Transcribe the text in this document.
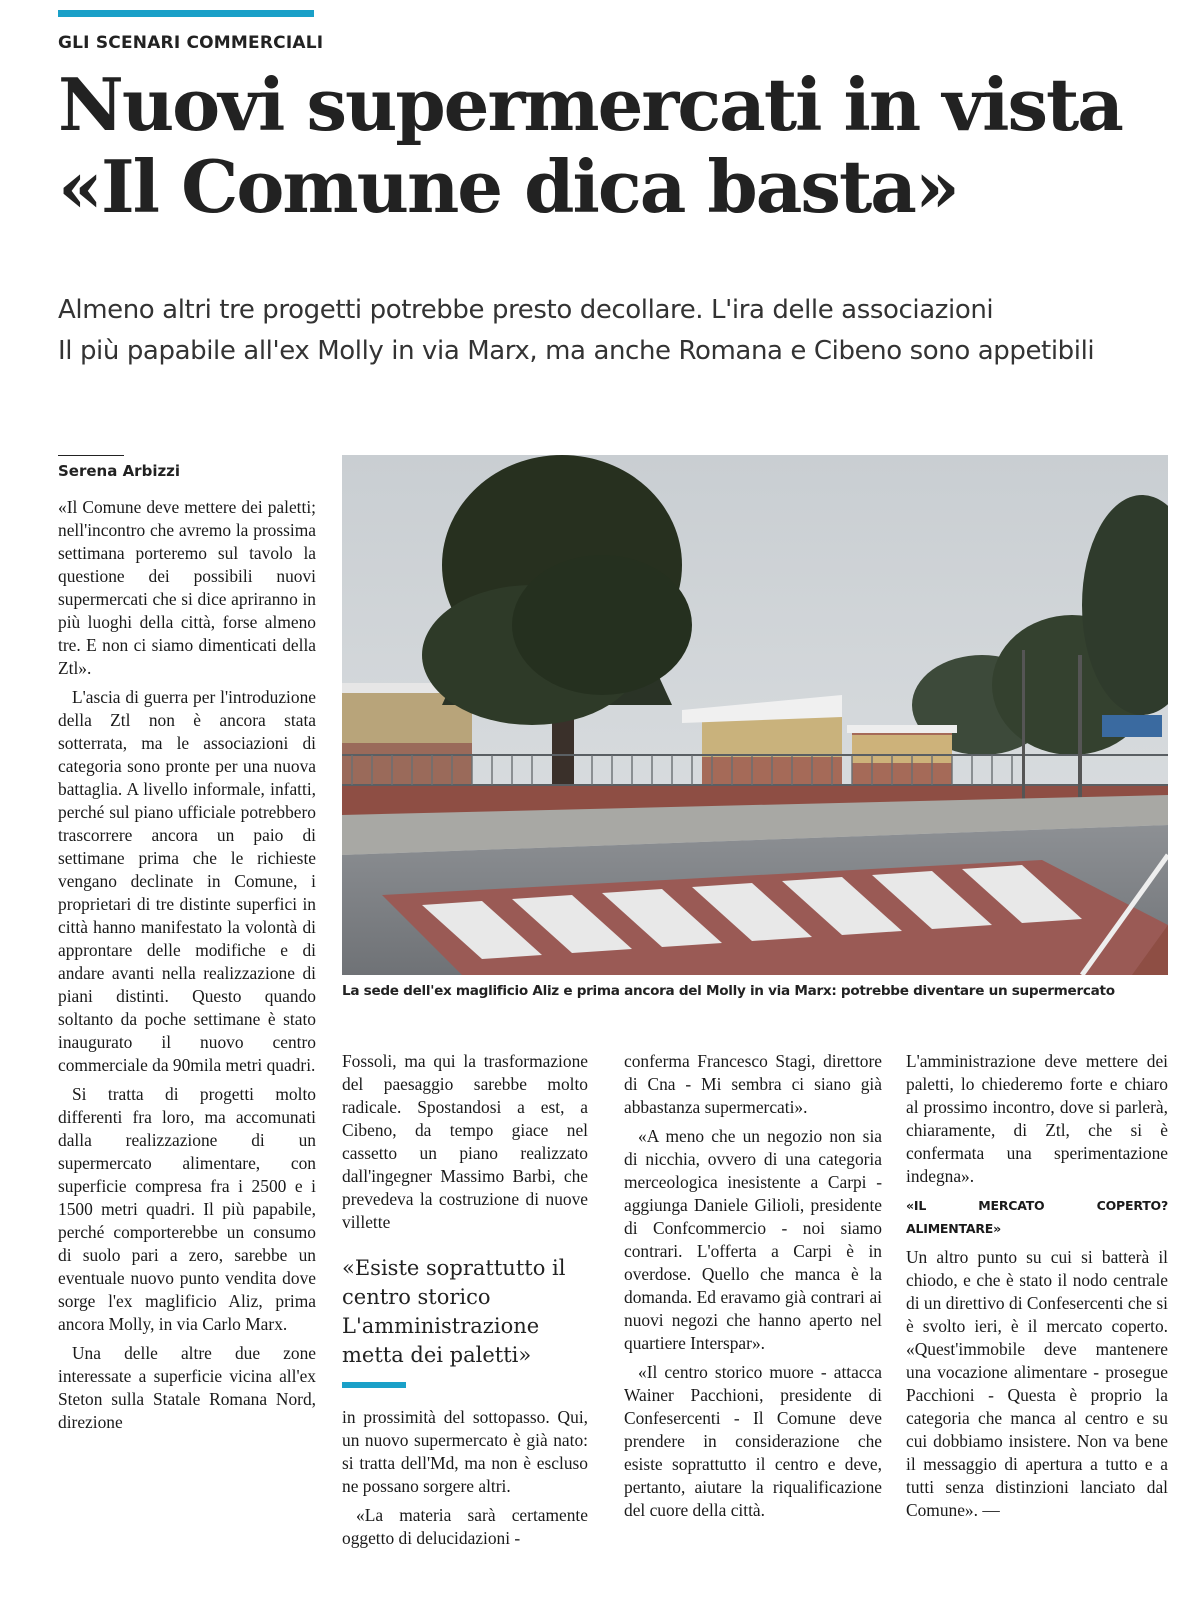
GLI SCENARI COMMERCIALI
Nuovi supermercati in vista
«Il Comune dica basta»
Almeno altri tre progetti potrebbe presto decollare. L'ira delle associazioni
Il più papabile all'ex Molly in via Marx, ma anche Romana e Cibeno sono appetibili
Serena Arbizzi

«Il Comune deve mettere dei paletti; nell'incontro che avremo la prossima settimana porteremo sul tavolo la questione dei possibili nuovi supermercati che si dice apriranno in più luoghi della città, forse almeno tre. E non ci siamo dimenticati della Ztl».

L'ascia di guerra per l'introduzione della Ztl non è ancora stata sotterrata, ma le associazioni di categoria sono pronte per una nuova battaglia. A livello informale, infatti, perché sul piano ufficiale potrebbero trascorrere ancora un paio di settimane prima che le richieste vengano declinate in Comune, i proprietari di tre distinte superfici in città hanno manifestato la volontà di approntare delle modifiche e di andare avanti nella realizzazione di piani distinti. Questo quando soltanto da poche settimane è stato inaugurato il nuovo centro commerciale da 90mila metri quadri.

Si tratta di progetti molto differenti fra loro, ma accomunati dalla realizzazione di un supermercato alimentare, con superficie compresa fra i 2500 e i 1500 metri quadri. Il più papabile, perché comporterebbe un consumo di suolo pari a zero, sarebbe un eventuale nuovo punto vendita dove sorge l'ex maglificio Aliz, prima ancora Molly, in via Carlo Marx.

Una delle altre due zone interessate a superficie vicina all'ex Steton sulla Statale Romana Nord, direzione

La sede dell'ex maglificio Aliz e prima ancora del Molly in via Marx: potrebbe diventare un supermercato

Fossoli, ma qui la trasformazione del paesaggio sarebbe molto radicale. Spostandosi a est, a Cibeno, da tempo giace nel cassetto un piano realizzato dall'ingegner Massimo Barbi, che prevedeva la costruzione di nuove villette

«Esiste soprattutto il centro storico L'amministrazione metta dei paletti»

in prossimità del sottopasso. Qui, un nuovo supermercato è già nato: si tratta dell'Md, ma non è escluso ne possano sorgere altri.

«La materia sarà certamente oggetto di delucidazioni -

conferma Francesco Stagi, direttore di Cna - Mi sembra ci siano già abbastanza supermercati».

«A meno che un negozio non sia di nicchia, ovvero di una categoria merceologica inesistente a Carpi - aggiunga Daniele Gilioli, presidente di Confcommercio - noi siamo contrari. L'offerta a Carpi è in overdose. Quello che manca è la domanda. Ed eravamo già contrari ai nuovi negozi che hanno aperto nel quartiere Interspar».

«Il centro storico muore - attacca Wainer Pacchioni, presidente di Confesercenti - Il Comune deve prendere in considerazione che esiste soprattutto il centro e deve, pertanto, aiutare la riqualificazione del cuore della città.

L'amministrazione deve mettere dei paletti, lo chiederemo forte e chiaro al prossimo incontro, dove si parlerà, chiaramente, di Ztl, che si è confermata una sperimentazione indegna».

«IL MERCATO COPERTO? ALIMENTARE»

Un altro punto su cui si batterà il chiodo, e che è stato il nodo centrale di un direttivo di Confesercenti che si è svolto ieri, è il mercato coperto. «Quest'immobile deve mantenere una vocazione alimentare - prosegue Pacchioni - Questa è proprio la categoria che manca al centro e su cui dobbiamo insistere. Non va bene il messaggio di apertura a tutto e a tutti senza distinzioni lanciato dal Comune». —
